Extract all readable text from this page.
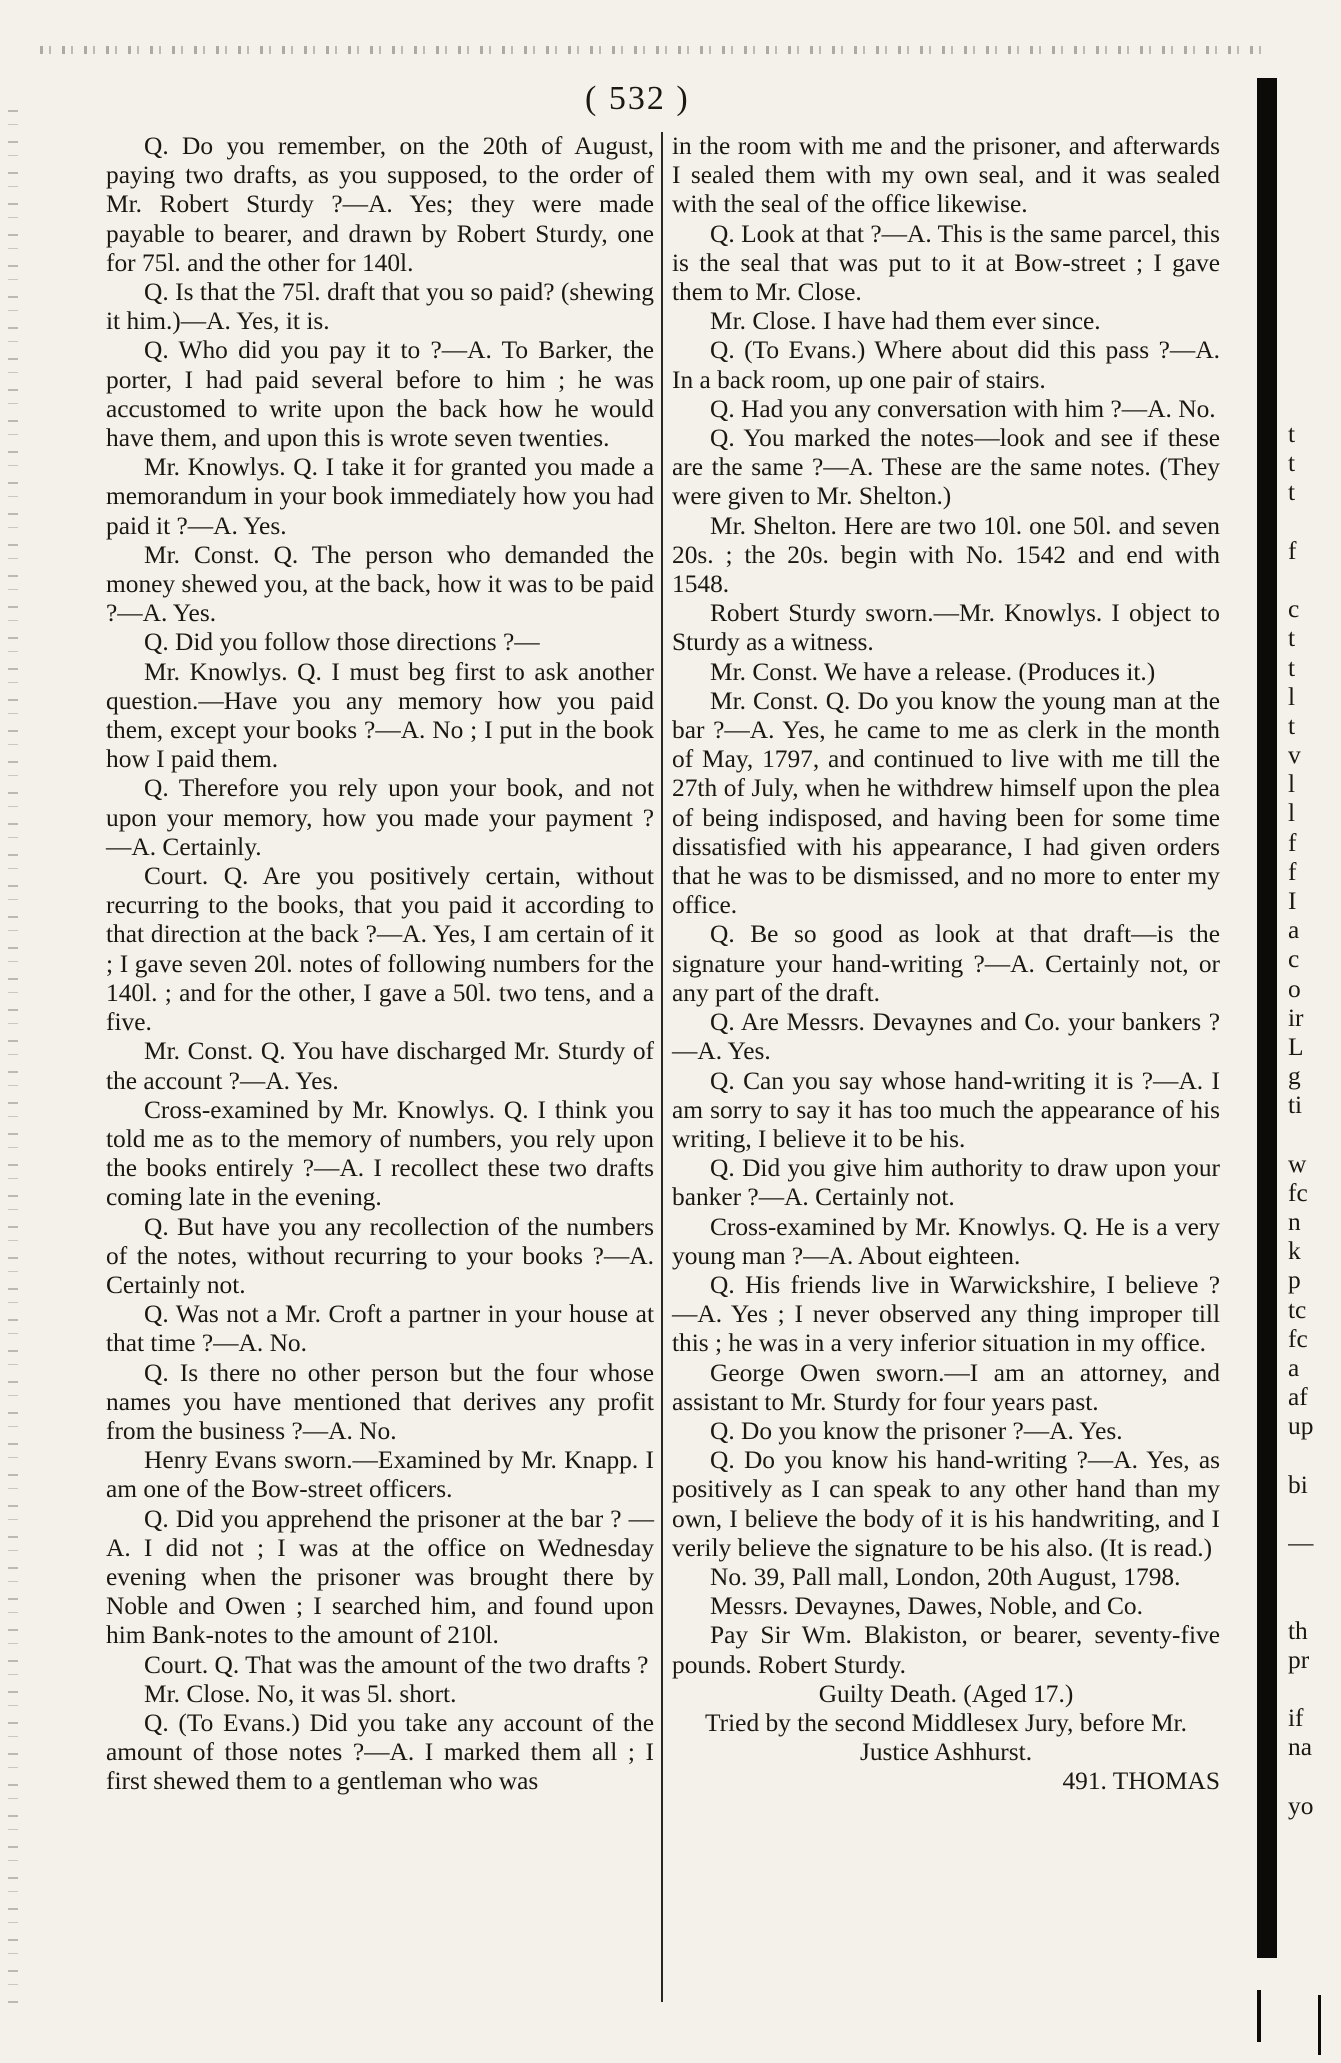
( 532 )

Q. Do you remember, on the 20th of August, paying two drafts, as you supposed, to the order of Mr. Robert Sturdy ?—A. Yes; they were made payable to bearer, and drawn by Robert Sturdy, one for 75l. and the other for 140l.

Q. Is that the 75l. draft that you so paid? (shewing it him.)—A. Yes, it is.

Q. Who did you pay it to ?—A. To Barker, the porter, I had paid several before to him ; he was accustomed to write upon the back how he would have them, and upon this is wrote seven twenties.

Mr. Knowlys. Q. I take it for granted you made a memorandum in your book immediately how you had paid it ?—A. Yes.

Mr. Const. Q. The person who demanded the money shewed you, at the back, how it was to be paid ?—A. Yes.

Q. Did you follow those directions ?—

Mr. Knowlys. Q. I must beg first to ask another question.—Have you any memory how you paid them, except your books ?—A. No ; I put in the book how I paid them.

Q. Therefore you rely upon your book, and not upon your memory, how you made your payment ? —A. Certainly.

Court. Q. Are you positively certain, without recurring to the books, that you paid it according to that direction at the back ?—A. Yes, I am certain of it ; I gave seven 20l. notes of following numbers for the 140l. ; and for the other, I gave a 50l. two tens, and a five.

Mr. Const. Q. You have discharged Mr. Sturdy of the account ?—A. Yes.

Cross-examined by Mr. Knowlys. Q. I think you told me as to the memory of numbers, you rely upon the books entirely ?—A. I recollect these two drafts coming late in the evening.

Q. But have you any recollection of the numbers of the notes, without recurring to your books ?—A. Certainly not.

Q. Was not a Mr. Croft a partner in your house at that time ?—A. No.

Q. Is there no other person but the four whose names you have mentioned that derives any profit from the business ?—A. No.

Henry Evans sworn.—Examined by Mr. Knapp. I am one of the Bow-street officers.

Q. Did you apprehend the prisoner at the bar ? —A. I did not ; I was at the office on Wednesday evening when the prisoner was brought there by Noble and Owen ; I searched him, and found upon him Bank-notes to the amount of 210l.

Court. Q. That was the amount of the two drafts ?

Mr. Close. No, it was 5l. short.

Q. (To Evans.) Did you take any account of the amount of those notes ?—A. I marked them all ; I first shewed them to a gentleman who was

in the room with me and the prisoner, and afterwards I sealed them with my own seal, and it was sealed with the seal of the office likewise.

Q. Look at that ?—A. This is the same parcel, this is the seal that was put to it at Bow-street ; I gave them to Mr. Close.

Mr. Close. I have had them ever since.

Q. (To Evans.) Where about did this pass ?—A. In a back room, up one pair of stairs.

Q. Had you any conversation with him ?—A. No.

Q. You marked the notes—look and see if these are the same ?—A. These are the same notes. (They were given to Mr. Shelton.)

Mr. Shelton. Here are two 10l. one 50l. and seven 20s. ; the 20s. begin with No. 1542 and end with 1548.

Robert Sturdy sworn.—Mr. Knowlys. I object to Sturdy as a witness.

Mr. Const. We have a release. (Produces it.)

Mr. Const. Q. Do you know the young man at the bar ?—A. Yes, he came to me as clerk in the month of May, 1797, and continued to live with me till the 27th of July, when he withdrew himself upon the plea of being indisposed, and having been for some time dissatisfied with his appearance, I had given orders that he was to be dismissed, and no more to enter my office.

Q. Be so good as look at that draft—is the signature your hand-writing ?—A. Certainly not, or any part of the draft.

Q. Are Messrs. Devaynes and Co. your bankers ?—A. Yes.

Q. Can you say whose hand-writing it is ?—A. I am sorry to say it has too much the appearance of his writing, I believe it to be his.

Q. Did you give him authority to draw upon your banker ?—A. Certainly not.

Cross-examined by Mr. Knowlys. Q. He is a very young man ?—A. About eighteen.

Q. His friends live in Warwickshire, I believe ? —A. Yes ; I never observed any thing improper till this ; he was in a very inferior situation in my office.

George Owen sworn.—I am an attorney, and assistant to Mr. Sturdy for four years past.

Q. Do you know the prisoner ?—A. Yes.

Q. Do you know his hand-writing ?—A. Yes, as positively as I can speak to any other hand than my own, I believe the body of it is his handwriting, and I verily believe the signature to be his also. (It is read.)

No. 39, Pall mall, London, 20th August, 1798.

Messrs. Devaynes, Dawes, Noble, and Co.

Pay Sir Wm. Blakiston, or bearer, seventy-five pounds. Robert Sturdy.

Guilty Death. (Aged 17.)

Tried by the second Middlesex Jury, before Mr. Justice Ashhurst.

491. THOMAS

t
t
t
f
c
t
t
l
t
v
l
l
f
f
I
a
c
o
ir
L
g
ti
w
fc
n
k
p
tc
fc
a
af
up
bi
—
th
pr
if
na
yo
